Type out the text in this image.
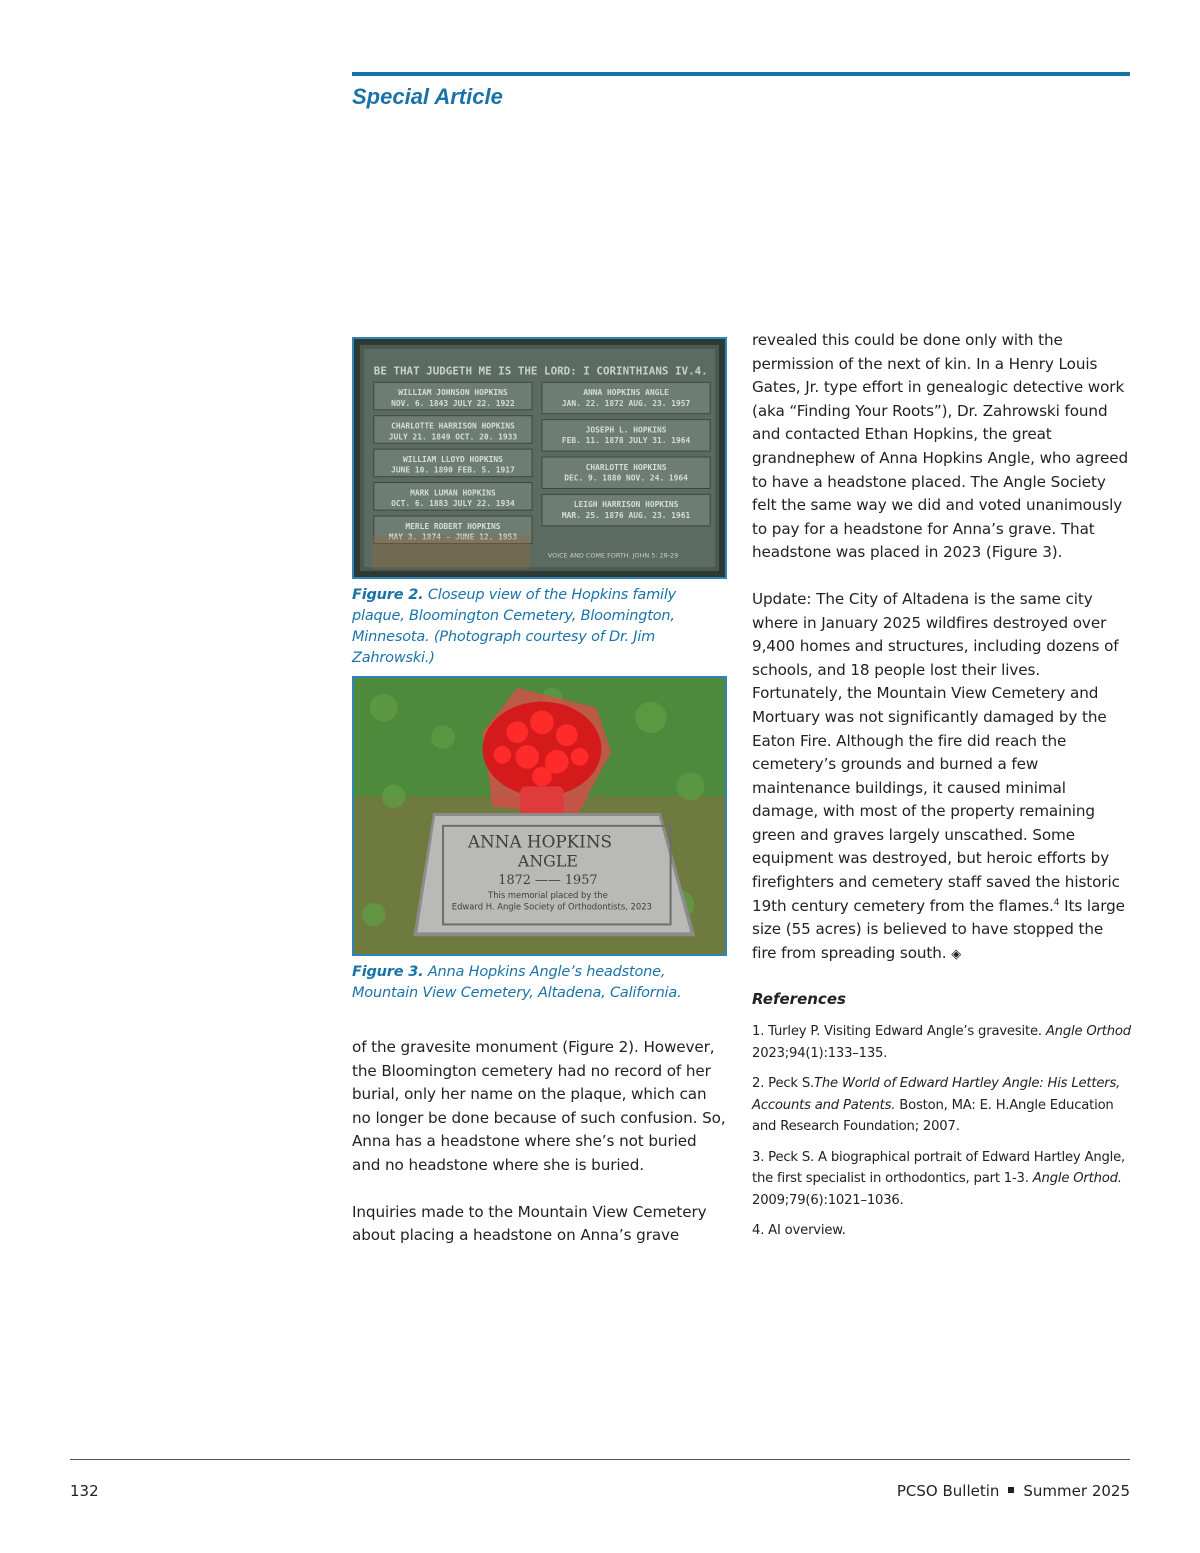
Special Article
BE THAT JUDGETH ME IS THE LORD: I CORINTHIANS IV.4.
WILLIAM JOHNSON HOPKINS
NOV. 6. 1843 JULY 22. 1922
CHARLOTTE HARRISON HOPKINS
JULY 21. 1849 OCT. 20. 1933
WILLIAM LLOYD HOPKINS
JUNE 10. 1890 FEB. 5. 1917
MARK LUMAN HOPKINS
OCT. 6. 1883 JULY 22. 1934
MERLE ROBERT HOPKINS
MAY 3. 1874 - JUNE 12. 1953
ANNA HOPKINS ANGLE
JAN. 22. 1872 AUG. 23. 1957
JOSEPH L. HOPKINS
FEB. 11. 1878 JULY 31. 1964
CHARLOTTE HOPKINS
DEC. 9. 1880 NOV. 24. 1964
LEIGH HARRISON HOPKINS
MAR. 25. 1876 AUG. 23. 1961
VOICE AND COME FORTH. JOHN 5: 28-29
Figure 2. Closeup view of the Hopkins family plaque, Bloomington Cemetery, Bloomington, Minnesota. (Photograph courtesy of Dr. Jim Zahrowski.)
ANNA HOPKINS
ANGLE
1872 —— 1957
This memorial placed by the
Edward H. Angle Society of Orthodontists, 2023
Figure 3. Anna Hopkins Angle’s headstone, Mountain View Cemetery, Altadena, California.

of the gravesite monument (Figure 2). However, the Bloomington cemetery had no record of her burial, only her name on the plaque, which can no longer be done because of such confusion. So, Anna has a headstone where she’s not buried and no headstone where she is buried.

Inquiries made to the Mountain View Cemetery about placing a headstone on Anna’s grave

revealed this could be done only with the permission of the next of kin. In a Henry Louis Gates, Jr. type effort in genealogic detective work (aka “Finding Your Roots”), Dr. Zahrowski found and contacted Ethan Hopkins, the great grandnephew of Anna Hopkins Angle, who agreed to have a headstone placed. The Angle Society felt the same way we did and voted unanimously to pay for a headstone for Anna’s grave. That headstone was placed in 2023 (Figure 3).

Update: The City of Altadena is the same city where in January 2025 wildfires destroyed over 9,400 homes and structures, including dozens of schools, and 18 people lost their lives. Fortunately, the Mountain View Cemetery and Mortuary was not significantly damaged by the Eaton Fire. Although the fire did reach the cemetery’s grounds and burned a few maintenance buildings, it caused minimal damage, with most of the property remaining green and graves largely unscathed. Some equipment was destroyed, but heroic efforts by firefighters and cemetery staff saved the historic 19th century cemetery from the flames.$^4$ Its large size (55 acres) is believed to have stopped the fire from spreading south. ◈

References

1. Turley P. Visiting Edward Angle’s gravesite. Angle Orthod 2023;94(1):133–135.

2. Peck S.The World of Edward Hartley Angle: His Letters, Accounts and Patents. Boston, MA: E. H.Angle Education and Research Foundation; 2007.

3. Peck S. A biographical portrait of Edward Hartley Angle, the first specialist in orthodontics, part 1-3. Angle Orthod. 2009;79(6):1021–1036.

4. AI overview.

132	PCSO Bulletin Summer 2025
